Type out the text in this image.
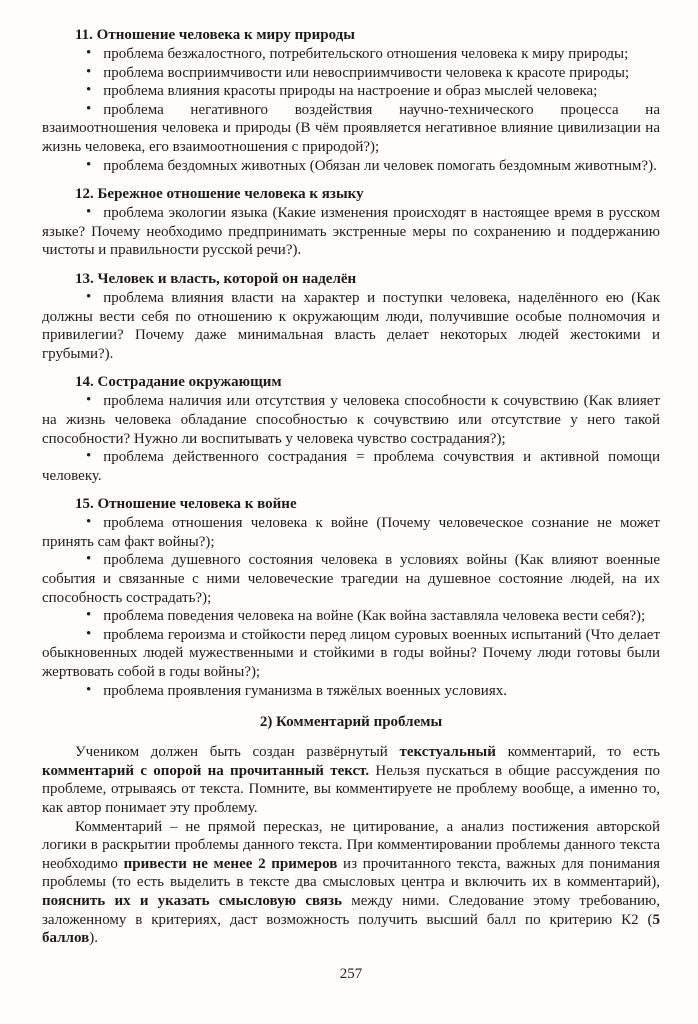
11. Отношение человека к миру природы

• проблема безжалостного, потребительского отношения человека к миру природы;

• проблема восприимчивости или невосприимчивости человека к красоте природы;

• проблема влияния красоты природы на настроение и образ мыслей человека;

• проблема негативного воздействия научно-технического процесса на взаимоотношения человека и природы (В чём проявляется негативное влияние цивилизации на жизнь человека, его взаимоотношения с природой?);

• проблема бездомных животных (Обязан ли человек помогать бездомным животным?).

12. Бережное отношение человека к языку

• проблема экологии языка (Какие изменения происходят в настоящее время в русском языке? Почему необходимо предпринимать экстренные меры по сохранению и поддержанию чистоты и правильности русской речи?).

13. Человек и власть, которой он наделён

• проблема влияния власти на характер и поступки человека, наделённого ею (Как должны вести себя по отношению к окружающим люди, получившие особые полномочия и привилегии? Почему даже минимальная власть делает некоторых людей жестокими и грубыми?).

14. Сострадание окружающим

• проблема наличия или отсутствия у человека способности к сочувствию (Как влияет на жизнь человека обладание способностью к сочувствию или отсутствие у него такой способности? Нужно ли воспитывать у человека чувство сострадания?);

• проблема действенного сострадания = проблема сочувствия и активной помощи человеку.

15. Отношение человека к войне

• проблема отношения человека к войне (Почему человеческое сознание не может принять сам факт войны?);

• проблема душевного состояния человека в условиях войны (Как влияют военные события и связанные с ними человеческие трагедии на душевное состояние людей, на их способность сострадать?);

• проблема поведения человека на войне (Как война заставляла человека вести себя?);

• проблема героизма и стойкости перед лицом суровых военных испытаний (Что делает обыкновенных людей мужественными и стойкими в годы войны? Почему люди готовы были жертвовать собой в годы войны?);

• проблема проявления гуманизма в тяжёлых военных условиях.

2) Комментарий проблемы

Учеником должен быть создан развёрнутый текстуальный комментарий, то есть комментарий с опорой на прочитанный текст. Нельзя пускаться в общие рассуждения по проблеме, отрываясь от текста. Помните, вы комментируете не проблему вообще, а именно то, как автор понимает эту проблему.

Комментарий – не прямой пересказ, не цитирование, а анализ постижения авторской логики в раскрытии проблемы данного текста. При комментировании проблемы данного текста необходимо привести не менее 2 примеров из прочитанного текста, важных для понимания проблемы (то есть выделить в тексте два смысловых центра и включить их в комментарий), пояснить их и указать смысловую связь между ними. Следование этому требованию, заложенному в критериях, даст возможность получить высший балл по критерию К2 (5 баллов).

257
